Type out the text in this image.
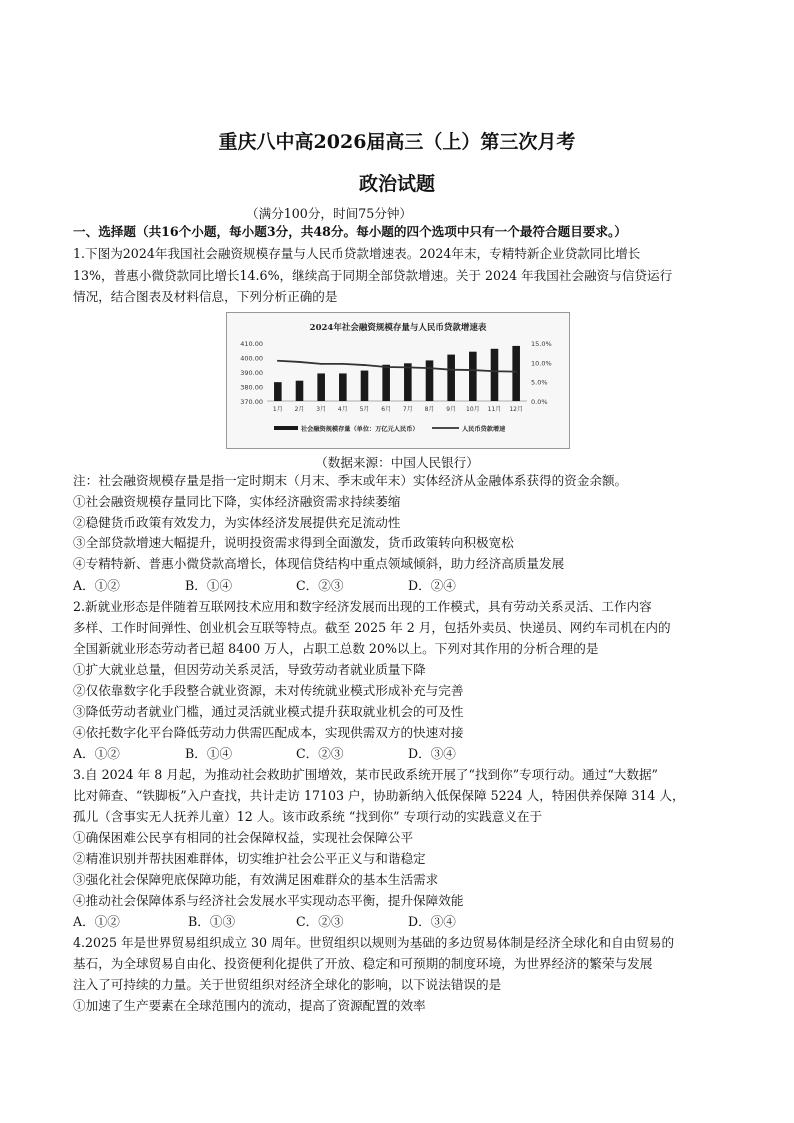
重庆八中高2026届高三（上）第三次月考
政治试题
（满分100分，时间75分钟）
一、选择题（共16个小题，每小题3分，共48分。每小题的四个选项中只有一个最符合题目要求。）
1.下图为2024年我国社会融资规模存量与人民币贷款增速表。2024年末，专精特新企业贷款同比增长
13%，普惠小微贷款同比增长14.6%，继续高于同期全部贷款增速。关于 2024 年我国社会融资与信贷运行
情况，结合图表及材料信息，下列分析正确的是
2024年社会融资规模存量与人民币贷款增速表
410.00
400.00
390.00
380.00
370.00
15.0%
10.0%
5.0%
0.0%
1月 2月 3月 4月 5月 6月 7月 8月 9月 10月 11月 12月
社会融资规模存量（单位：万亿元人民币）	人民币贷款增速
（数据来源：中国人民银行）
注：社会融资规模存量是指一定时期末（月末、季末或年末）实体经济从金融体系获得的资金余额。
①社会融资规模存量同比下降，实体经济融资需求持续萎缩
②稳健货币政策有效发力，为实体经济发展提供充足流动性
③全部贷款增速大幅提升，说明投资需求得到全面激发，货币政策转向积极宽松
④专精特新、普惠小微贷款高增长，体现信贷结构中重点领域倾斜，助力经济高质量发展
A．①②	B．①④	C．②③	D．②④
2.新就业形态是伴随着互联网技术应用和数字经济发展而出现的工作模式，具有劳动关系灵活、工作内容
多样、工作时间弹性、创业机会互联等特点。截至 2025 年 2 月，包括外卖员、快递员、网约车司机在内的
全国新就业形态劳动者已超 8400 万人，占职工总数 20%以上。下列对其作用的分析合理的是
①扩大就业总量，但因劳动关系灵活，导致劳动者就业质量下降
②仅依靠数字化手段整合就业资源，未对传统就业模式形成补充与完善
③降低劳动者就业门槛，通过灵活就业模式提升获取就业机会的可及性
④依托数字化平台降低劳动力供需匹配成本，实现供需双方的快速对接
A．①②	B．①④	C．②③	D．③④
3.自 2024 年 8 月起，为推动社会救助扩围增效，某市民政系统开展了“找到你”专项行动。通过“大数据”
比对筛查、“铁脚板”入户查找，共计走访 17103 户，协助新纳入低保保障 5224 人，特困供养保障 314 人，
孤儿（含事实无人抚养儿童）12 人。该市政系统 “找到你” 专项行动的实践意义在于
①确保困难公民享有相同的社会保障权益，实现社会保障公平
②精准识别并帮扶困难群体，切实维护社会公平正义与和谐稳定
③强化社会保障兜底保障功能，有效满足困难群众的基本生活需求
④推动社会保障体系与经济社会发展水平实现动态平衡，提升保障效能
A．①②	B．①③	C．②③	D．③④
4.2025 年是世界贸易组织成立 30 周年。世贸组织以规则为基础的多边贸易体制是经济全球化和自由贸易的
基石，为全球贸易自由化、投资便利化提供了开放、稳定和可预期的制度环境，为世界经济的繁荣与发展
注入了可持续的力量。关于世贸组织对经济全球化的影响，以下说法错误的是
①加速了生产要素在全球范围内的流动，提高了资源配置的效率
